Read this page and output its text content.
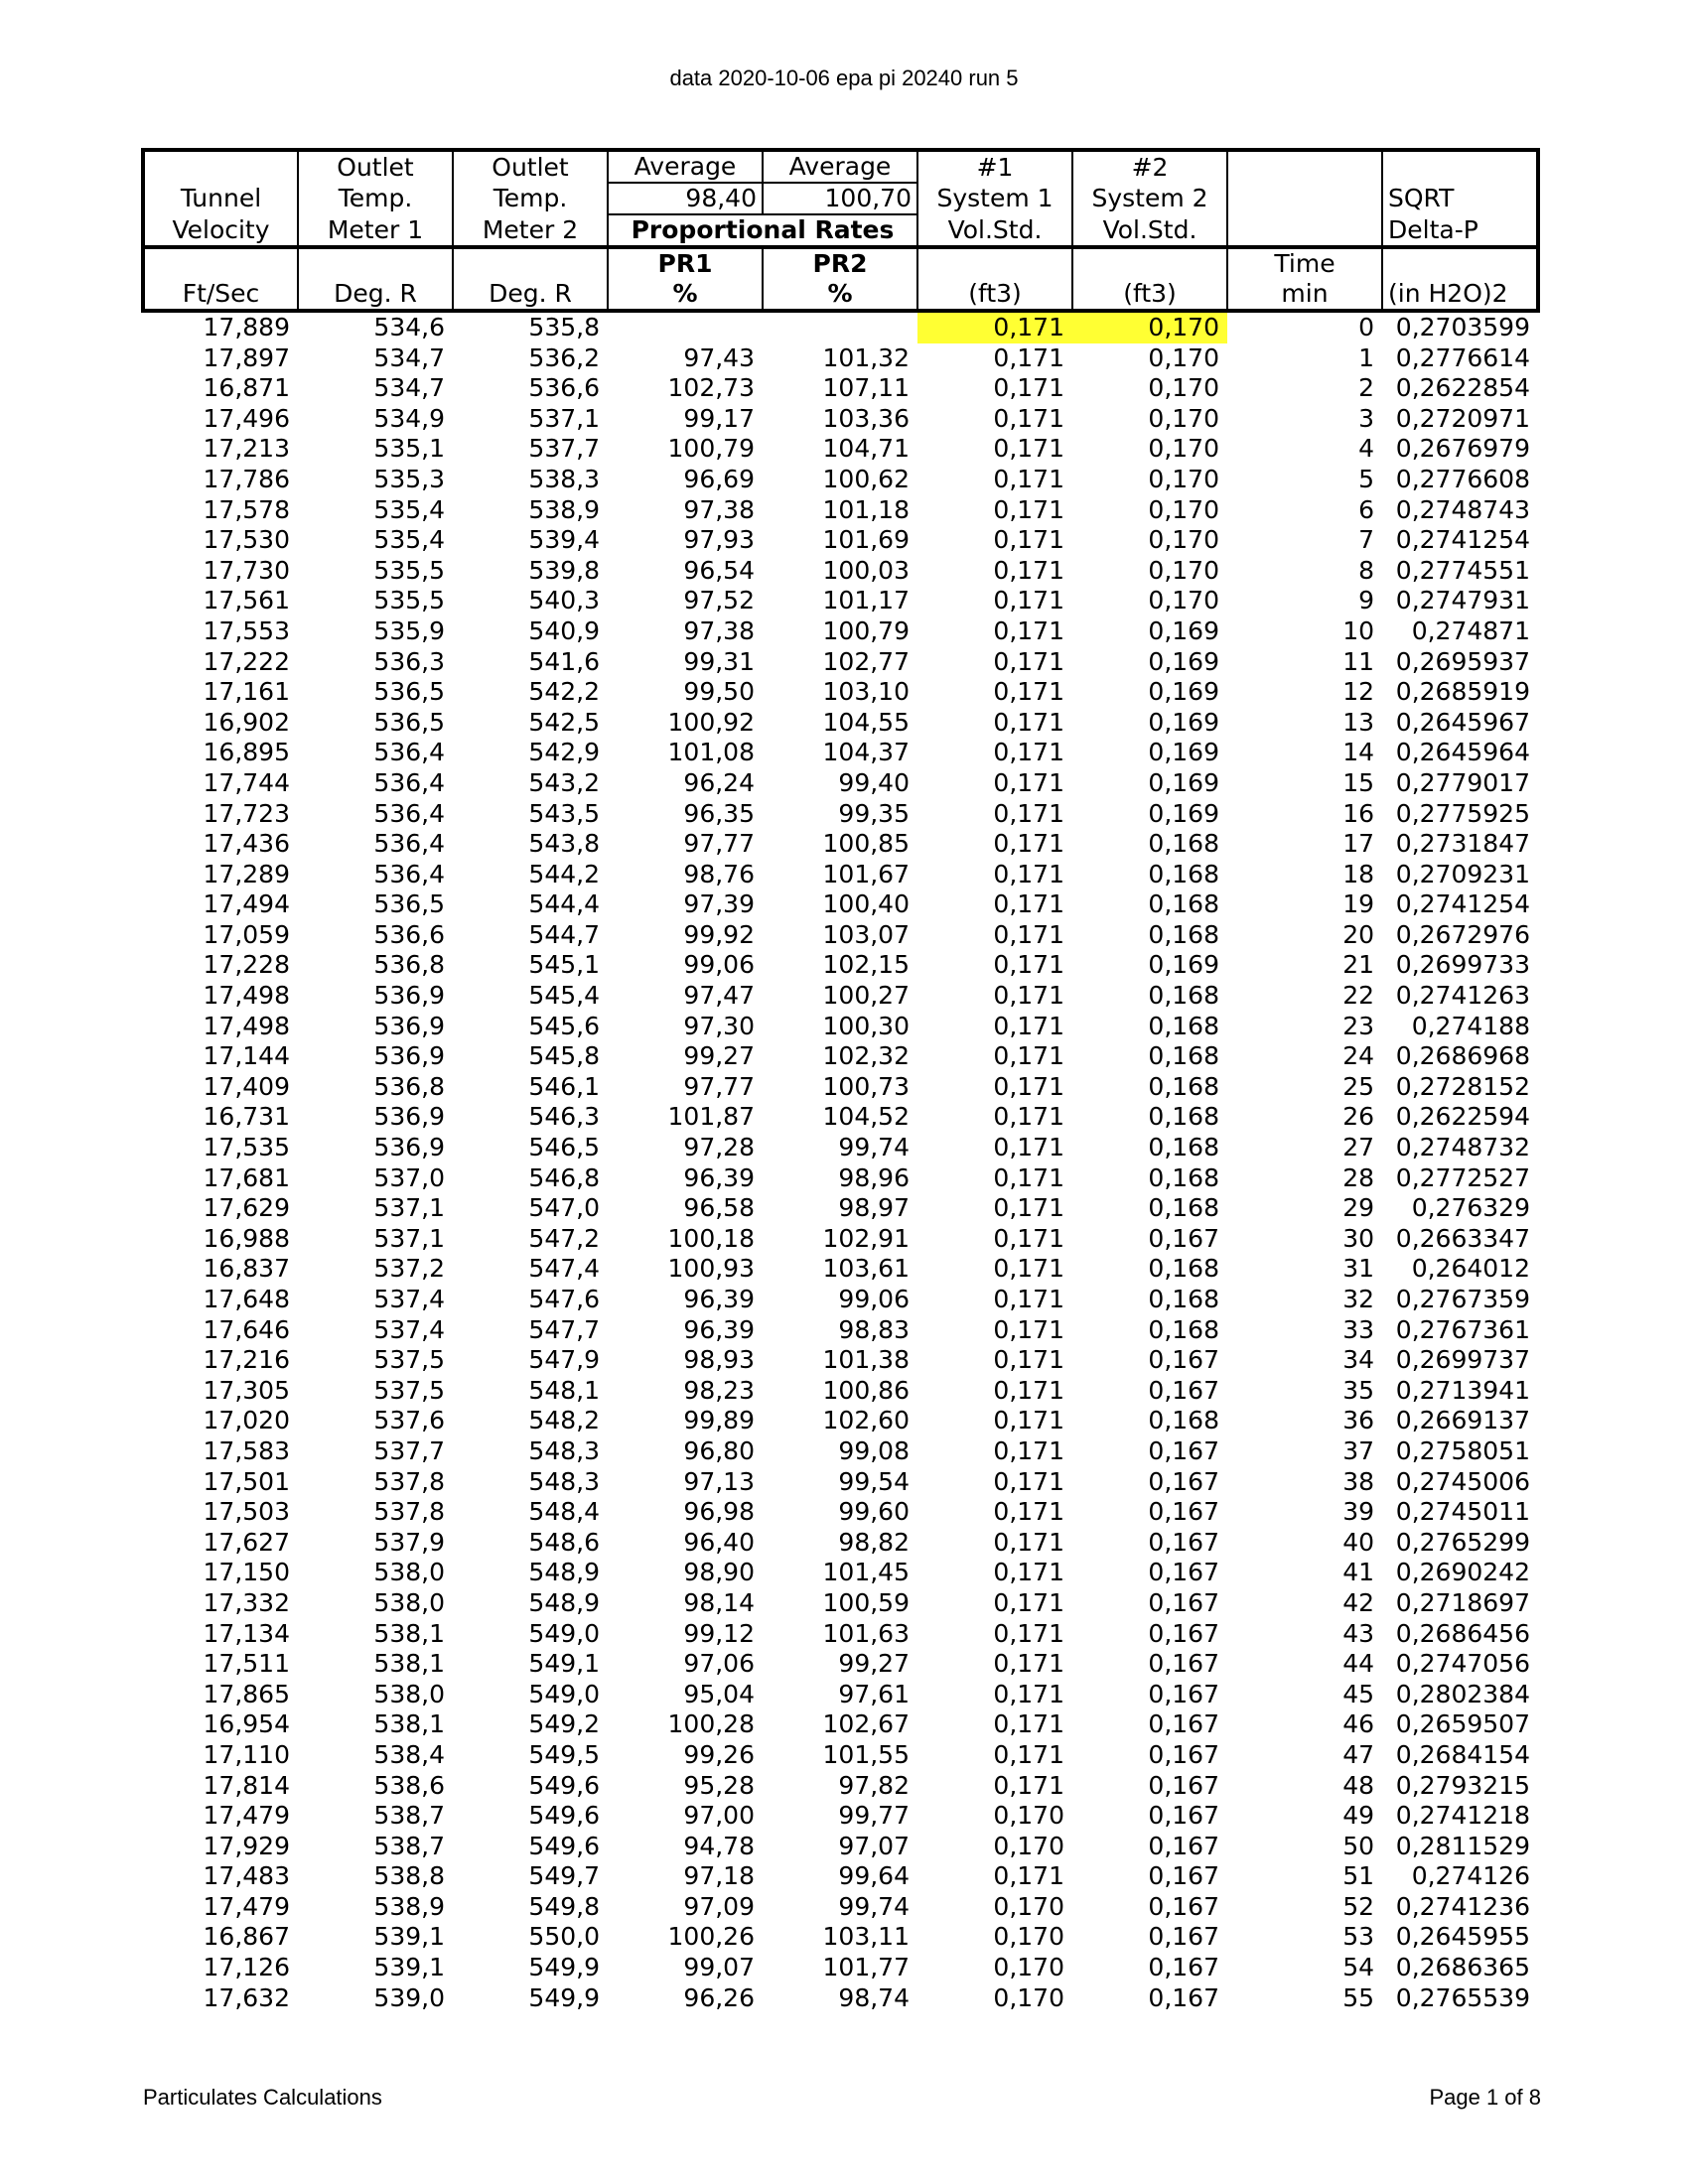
data 2020-10-06 epa pi 20240 run 5
	Outlet	Outlet	Average	Average	#1	#2		
Tunnel	Temp.	Temp.	98,40	100,70	System 1	System 2		SQRT
Velocity	Meter 1	Meter 2	Proportional Rates		Vol.Std.	Vol.Std.		Delta-P
			PR1	PR2			Time	
Ft/Sec	Deg. R	Deg. R	%	%	(ft3)	(ft3)	min	(in H2O)2
17,889	534,6	535,8			0,171	0,170	0	0,2703599
17,897	534,7	536,2	97,43	101,32	0,171	0,170	1	0,2776614
16,871	534,7	536,6	102,73	107,11	0,171	0,170	2	0,2622854
17,496	534,9	537,1	99,17	103,36	0,171	0,170	3	0,2720971
17,213	535,1	537,7	100,79	104,71	0,171	0,170	4	0,2676979
17,786	535,3	538,3	96,69	100,62	0,171	0,170	5	0,2776608
17,578	535,4	538,9	97,38	101,18	0,171	0,170	6	0,2748743
17,530	535,4	539,4	97,93	101,69	0,171	0,170	7	0,2741254
17,730	535,5	539,8	96,54	100,03	0,171	0,170	8	0,2774551
17,561	535,5	540,3	97,52	101,17	0,171	0,170	9	0,2747931
17,553	535,9	540,9	97,38	100,79	0,171	0,169	10	0,274871
17,222	536,3	541,6	99,31	102,77	0,171	0,169	11	0,2695937
17,161	536,5	542,2	99,50	103,10	0,171	0,169	12	0,2685919
16,902	536,5	542,5	100,92	104,55	0,171	0,169	13	0,2645967
16,895	536,4	542,9	101,08	104,37	0,171	0,169	14	0,2645964
17,744	536,4	543,2	96,24	99,40	0,171	0,169	15	0,2779017
17,723	536,4	543,5	96,35	99,35	0,171	0,169	16	0,2775925
17,436	536,4	543,8	97,77	100,85	0,171	0,168	17	0,2731847
17,289	536,4	544,2	98,76	101,67	0,171	0,168	18	0,2709231
17,494	536,5	544,4	97,39	100,40	0,171	0,168	19	0,2741254
17,059	536,6	544,7	99,92	103,07	0,171	0,168	20	0,2672976
17,228	536,8	545,1	99,06	102,15	0,171	0,169	21	0,2699733
17,498	536,9	545,4	97,47	100,27	0,171	0,168	22	0,2741263
17,498	536,9	545,6	97,30	100,30	0,171	0,168	23	0,274188
17,144	536,9	545,8	99,27	102,32	0,171	0,168	24	0,2686968
17,409	536,8	546,1	97,77	100,73	0,171	0,168	25	0,2728152
16,731	536,9	546,3	101,87	104,52	0,171	0,168	26	0,2622594
17,535	536,9	546,5	97,28	99,74	0,171	0,168	27	0,2748732
17,681	537,0	546,8	96,39	98,96	0,171	0,168	28	0,2772527
17,629	537,1	547,0	96,58	98,97	0,171	0,168	29	0,276329
16,988	537,1	547,2	100,18	102,91	0,171	0,167	30	0,2663347
16,837	537,2	547,4	100,93	103,61	0,171	0,168	31	0,264012
17,648	537,4	547,6	96,39	99,06	0,171	0,168	32	0,2767359
17,646	537,4	547,7	96,39	98,83	0,171	0,168	33	0,2767361
17,216	537,5	547,9	98,93	101,38	0,171	0,167	34	0,2699737
17,305	537,5	548,1	98,23	100,86	0,171	0,167	35	0,2713941
17,020	537,6	548,2	99,89	102,60	0,171	0,168	36	0,2669137
17,583	537,7	548,3	96,80	99,08	0,171	0,167	37	0,2758051
17,501	537,8	548,3	97,13	99,54	0,171	0,167	38	0,2745006
17,503	537,8	548,4	96,98	99,60	0,171	0,167	39	0,2745011
17,627	537,9	548,6	96,40	98,82	0,171	0,167	40	0,2765299
17,150	538,0	548,9	98,90	101,45	0,171	0,167	41	0,2690242
17,332	538,0	548,9	98,14	100,59	0,171	0,167	42	0,2718697
17,134	538,1	549,0	99,12	101,63	0,171	0,167	43	0,2686456
17,511	538,1	549,1	97,06	99,27	0,171	0,167	44	0,2747056
17,865	538,0	549,0	95,04	97,61	0,171	0,167	45	0,2802384
16,954	538,1	549,2	100,28	102,67	0,171	0,167	46	0,2659507
17,110	538,4	549,5	99,26	101,55	0,171	0,167	47	0,2684154
17,814	538,6	549,6	95,28	97,82	0,171	0,167	48	0,2793215
17,479	538,7	549,6	97,00	99,77	0,170	0,167	49	0,2741218
17,929	538,7	549,6	94,78	97,07	0,170	0,167	50	0,2811529
17,483	538,8	549,7	97,18	99,64	0,171	0,167	51	0,274126
17,479	538,9	549,8	97,09	99,74	0,170	0,167	52	0,2741236
16,867	539,1	550,0	100,26	103,11	0,170	0,167	53	0,2645955
17,126	539,1	549,9	99,07	101,77	0,170	0,167	54	0,2686365
17,632	539,0	549,9	96,26	98,74	0,170	0,167	55	0,2765539
Particulates Calculations	Page 1 of 8
